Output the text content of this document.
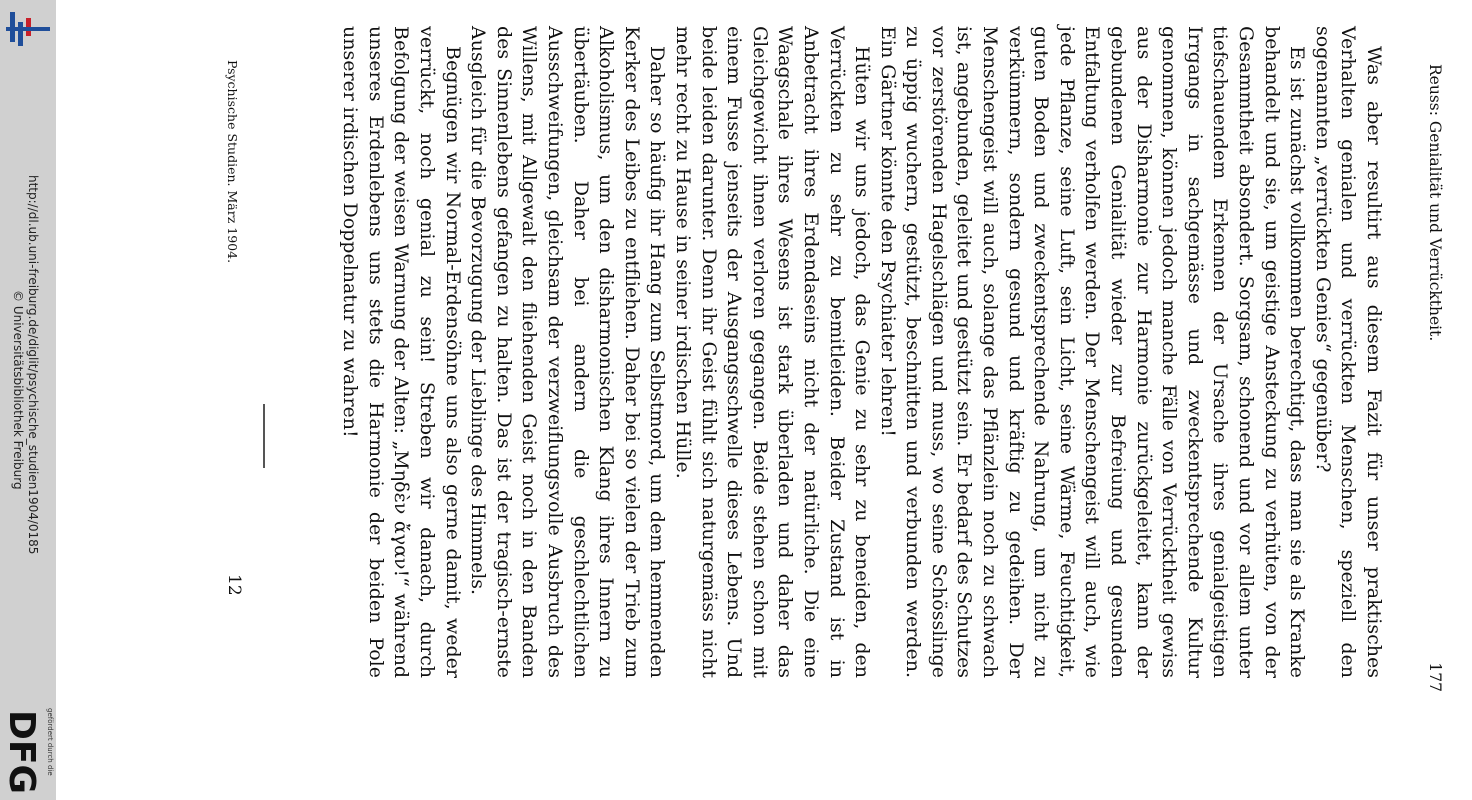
http://dl.ub.uni-freiburg.de/diglit/psychische_studien1904/0185
© Universitätsbibliothek Freiburg
gefördert durch die
DFG
Reuss: Genialität und Verrücktheit.
177

Was aber resultirt aus diesem Fazit für unser praktisches Verhalten genialen und verrückten Menschen, speziell den sogenannten „verrückten Genies“ gegenüber?

Es ist zunächst vollkommen berechtigt, dass man sie als Kranke behandelt und sie, um geistige Ansteckung zu verhüten, von der Gesammtheit absondert. Sorgsam, schonend und vor allem unter tiefschauendem Erkennen der Ursache ihres genialgeistigen Irrgangs in sachgemässe und zweckentsprechende Kultur genommen, können jedoch manche Fälle von Verrücktheit gewiss aus der Disharmonie zur Harmonie zurückgeleitet, kann der gebundenen Genialität wieder zur Befreiung und gesunden Entfaltung verholfen werden. Der Menschengeist will auch, wie jede Pflanze, seine Luft, sein Licht, seine Wärme, Feuchtigkeit, guten Boden und zweckentsprechende Nahrung, um nicht zu verkümmern, sondern gesund und kräftig zu gedeihen. Der Menschengeist will auch, solange das Pflänzlein noch zu schwach ist, angebunden, geleitet und gestützt sein. Er bedarf des Schutzes vor zerstörenden Hagelschlägen und muss, wo seine Schösslinge zu üppig wuchern, gestützt, beschnitten und verbunden werden. Ein Gärtner könnte den Psychiater lehren!

Hüten wir uns jedoch, das Genie zu sehr zu beneiden, den Verrückten zu sehr zu bemitleiden. Beider Zustand ist in Anbetracht ihres Erdendaseins nicht der natürliche. Die eine Waagschale ihres Wesens ist stark überladen und daher das Gleichgewicht ihnen verloren gegangen. Beide stehen schon mit einem Fusse jenseits der Ausgangsschwelle dieses Lebens. Und beide leiden darunter. Denn ihr Geist fühlt sich naturgemäss nicht mehr recht zu Hause in seiner irdischen Hülle.

Daher so häufig ihr Hang zum Selbstmord, um dem hemmenden Kerker des Leibes zu entfliehen. Daher bei so vielen der Trieb zum Alkoholismus, um den disharmonischen Klang ihres Innern zu übertäuben. Daher bei andern die geschlechtlichen Ausschweifungen, gleichsam der verzweiflungsvolle Ausbruch des Willens, mit Allgewalt den fliehenden Geist noch in den Banden des Sinnenlebens gefangen zu halten. Das ist der tragisch-ernste Ausgleich für die Bevorzugung der Lieblinge des Himmels.

Begnügen wir Normal-Erdensöhne uns also gerne damit, weder verrückt, noch genial zu sein! Streben wir danach, durch Befolgung der weisen Warnung der Alten: „Μηδὲν ἄγαν!“ während unseres Erdenlebens uns stets die Harmonie der beiden Pole unserer irdischen Doppelnatur zu wahren!

Psychische Studien. März 1904.
12
